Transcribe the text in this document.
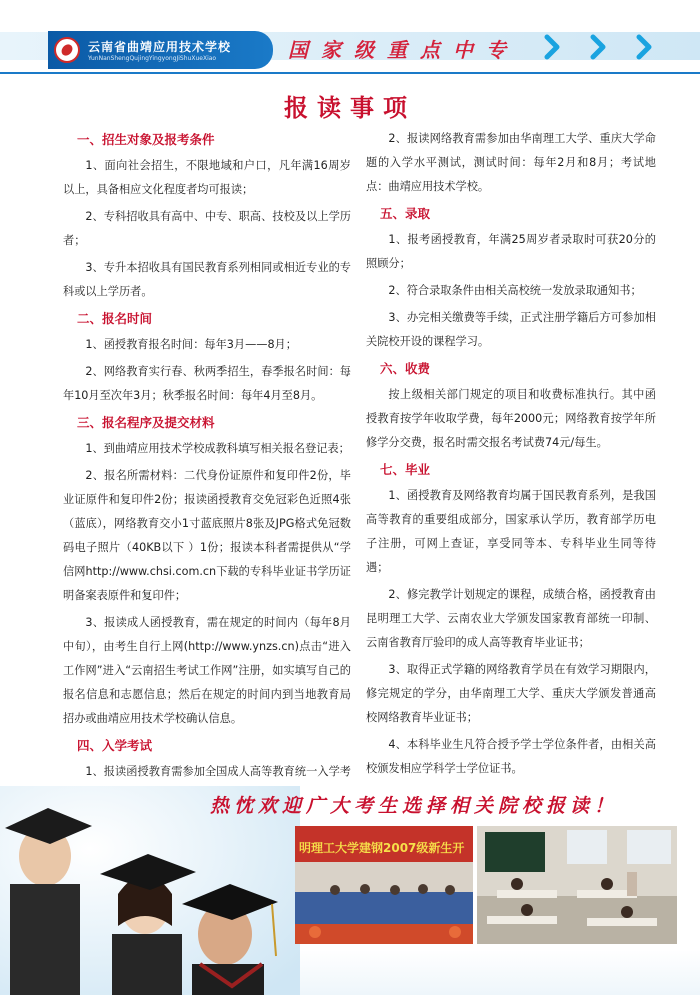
云南省曲靖应用技术学校
YunNanShengQujingYingyongJiShuXueXiao	国家级重点中专
报读事项
一、招生对象及报考条件

1、面向社会招生，不限地域和户口，凡年满16周岁以上，具备相应文化程度者均可报读；

2、专科招收具有高中、中专、职高、技校及以上学历者；

3、专升本招收具有国民教育系列相同或相近专业的专科或以上学历者。

二、报名时间

1、函授教育报名时间：每年3月——8月；

2、网络教育实行春、秋两季招生，春季报名时间：每年10月至次年3月；秋季报名时间：每年4月至8月。

三、报名程序及提交材料

1、到曲靖应用技术学校成教科填写相关报名登记表；

2、报名所需材料：二代身份证原件和复印件2份，毕业证原件和复印件2份；报读函授教育交免冠彩色近照4张（蓝底），网络教育交小1寸蓝底照片8张及JPG格式免冠数码电子照片（40KB以下 ）1份；报读本科者需提供从“学信网http://www.chsi.com.cn下载的专科毕业证书学历证明备案表原件和复印件；

3、报读成人函授教育，需在规定的时间内（每年8月中旬），由考生自行上网(http://www.ynzs.cn)点击“进入工作网”进入“云南招生考试工作网”注册，如实填写自己的报名信息和志愿信息；然后在规定的时间内到当地教育局招办或曲靖应用技术学校确认信息。

四、入学考试

1、报读函授教育需参加全国成人高等教育统一入学考

2、报读网络教育需参加由华南理工大学、重庆大学命题的入学水平测试，测试时间：每年2月和8月；考试地点：曲靖应用技术学校。

五、录取

1、报考函授教育，年满25周岁者录取时可获20分的照顾分；

2、符合录取条件由相关高校统一发放录取通知书；

3、办完相关缴费等手续，正式注册学籍后方可参加相关院校开设的课程学习。

六、收费

按上级相关部门规定的项目和收费标准执行。其中函授教育按学年收取学费，每年2000元；网络教育按学年所修学分交费，报名时需交报名考试费74元/每生。

七、毕业

1、函授教育及网络教育均属于国民教育系列，是我国高等教育的重要组成部分，国家承认学历，教育部学历电子注册，可网上查证，享受同等本、专科毕业生同等待遇；

2、修完教学计划规定的课程，成绩合格，函授教育由昆明理工大学、云南农业大学颁发国家教育部统一印制、云南省教育厅验印的成人高等教育毕业证书；

3、取得正式学籍的网络教育学员在有效学习期限内，修完规定的学分，由华南理工大学、重庆大学颁发普通高校网络教育毕业证书；

4、本科毕业生凡符合授予学士学位条件者，由相关高校颁发相应学科学士学位证书。

明理工大学建钢2007级新生开
热忱欢迎广大考生选择相关院校报读！
